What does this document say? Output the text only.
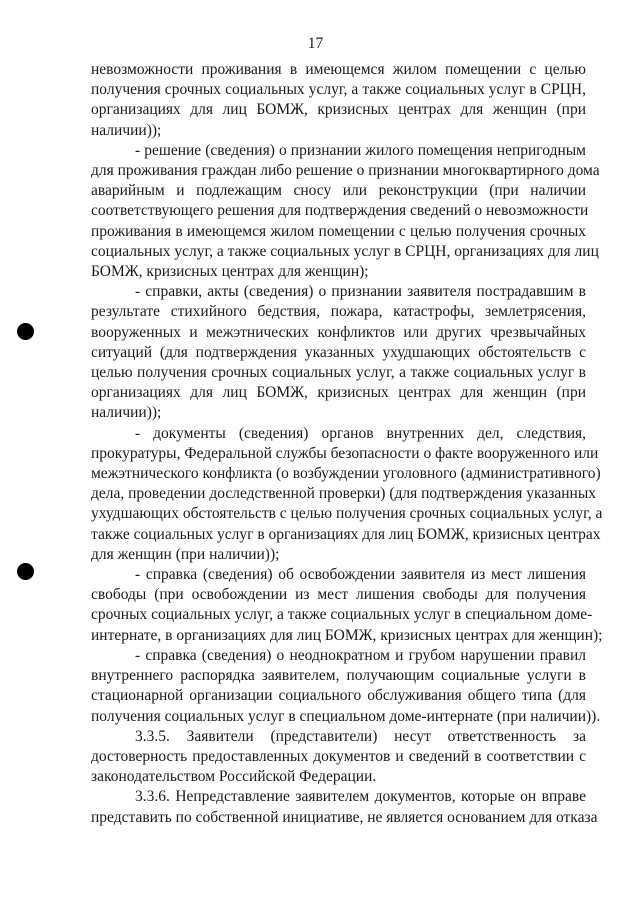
17
невозможности проживания в имеющемся жилом помещении с целью
получения срочных социальных услуг, а также социальных услуг в СРЦН,
организациях для лиц БОМЖ, кризисных центрах для женщин (при
наличии));
- решение (сведения) о признании жилого помещения непригодным
для проживания граждан либо решение о признании многоквартирного дома
аварийным и подлежащим сносу или реконструкции (при наличии
соответствующего решения для подтверждения сведений о невозможности
проживания в имеющемся жилом помещении с целью получения срочных
социальных услуг, а также социальных услуг в СРЦН, организациях для лиц
БОМЖ, кризисных центрах для женщин);
- справки, акты (сведения) о признании заявителя пострадавшим в
результате стихийного бедствия, пожара, катастрофы, землетрясения,
вооруженных и межэтнических конфликтов или других чрезвычайных
ситуаций (для подтверждения указанных ухудшающих обстоятельств с
целью получения срочных социальных услуг, а также социальных услуг в
организациях для лиц БОМЖ, кризисных центрах для женщин (при
наличии));
- документы (сведения) органов внутренних дел, следствия,
прокуратуры, Федеральной службы безопасности о факте вооруженного или
межэтнического конфликта (о возбуждении уголовного (административного)
дела, проведении доследственной проверки) (для подтверждения указанных
ухудшающих обстоятельств с целью получения срочных социальных услуг, а
также социальных услуг в организациях для лиц БОМЖ, кризисных центрах
для женщин (при наличии));
- справка (сведения) об освобождении заявителя из мест лишения
свободы (при освобождении из мест лишения свободы для получения
срочных социальных услуг, а также социальных услуг в специальном доме-
интернате, в организациях для лиц БОМЖ, кризисных центрах для женщин);
- справка (сведения) о неоднократном и грубом нарушении правил
внутреннего распорядка заявителем, получающим социальные услуги в
стационарной организации социального обслуживания общего типа (для
получения социальных услуг в специальном доме-интернате (при наличии)).
3.3.5. Заявители (представители) несут ответственность за
достоверность предоставленных документов и сведений в соответствии с
законодательством Российской Федерации.
3.3.6. Непредставление заявителем документов, которые он вправе
представить по собственной инициативе, не является основанием для отказа
